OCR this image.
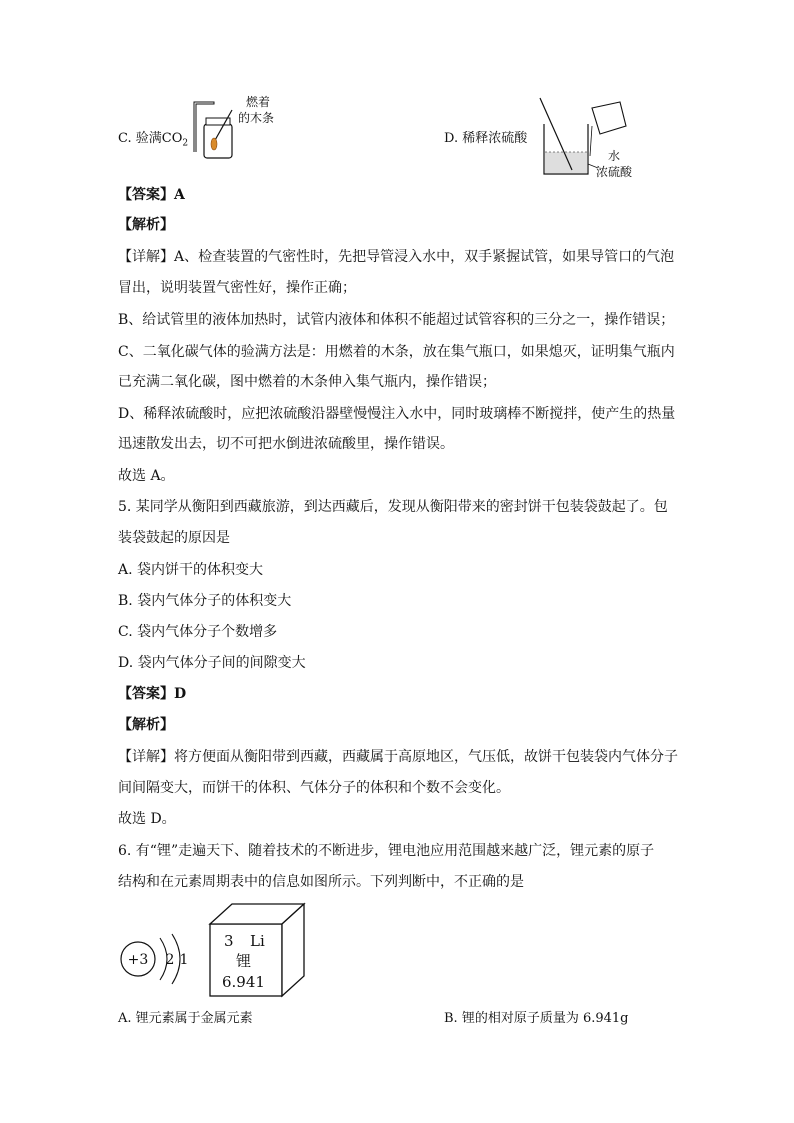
C. 验满$CO_2$
燃着
的木条
D. 稀释浓硫酸
水
浓硫酸
【答案】A
【解析】
【详解】A、检查装置的气密性时，先把导管浸入水中，双手紧握试管，如果导管口的气泡
冒出，说明装置气密性好，操作正确；
B、给试管里的液体加热时，试管内液体和体积不能超过试管容积的三分之一，操作错误；
C、二氧化碳气体的验满方法是：用燃着的木条，放在集气瓶口，如果熄灭，证明集气瓶内
已充满二氧化碳，图中燃着的木条伸入集气瓶内，操作错误；
D、稀释浓硫酸时，应把浓硫酸沿器壁慢慢注入水中，同时玻璃棒不断搅拌，使产生的热量
迅速散发出去，切不可把水倒进浓硫酸里，操作错误。
故选 A。
5. 某同学从衡阳到西藏旅游，到达西藏后，发现从衡阳带来的密封饼干包装袋鼓起了。包
装袋鼓起的原因是
A. 袋内饼干的体积变大
B. 袋内气体分子的体积变大
C. 袋内气体分子个数增多
D. 袋内气体分子间的间隙变大
【答案】D
【解析】
【详解】将方便面从衡阳带到西藏，西藏属于高原地区，气压低，故饼干包装袋内气体分子
间间隔变大，而饼干的体积、气体分子的体积和个数不会变化。
故选 D。
6. 有“锂”走遍天下、随着技术的不断进步，锂电池应用范围越来越广泛，锂元素的原子
结构和在元素周期表中的信息如图所示。下列判断中，不正确的是
+3 2 1
3 Li
锂
6.941
A. 锂元素属于金属元素	B. 锂的相对原子质量为 6.941g
